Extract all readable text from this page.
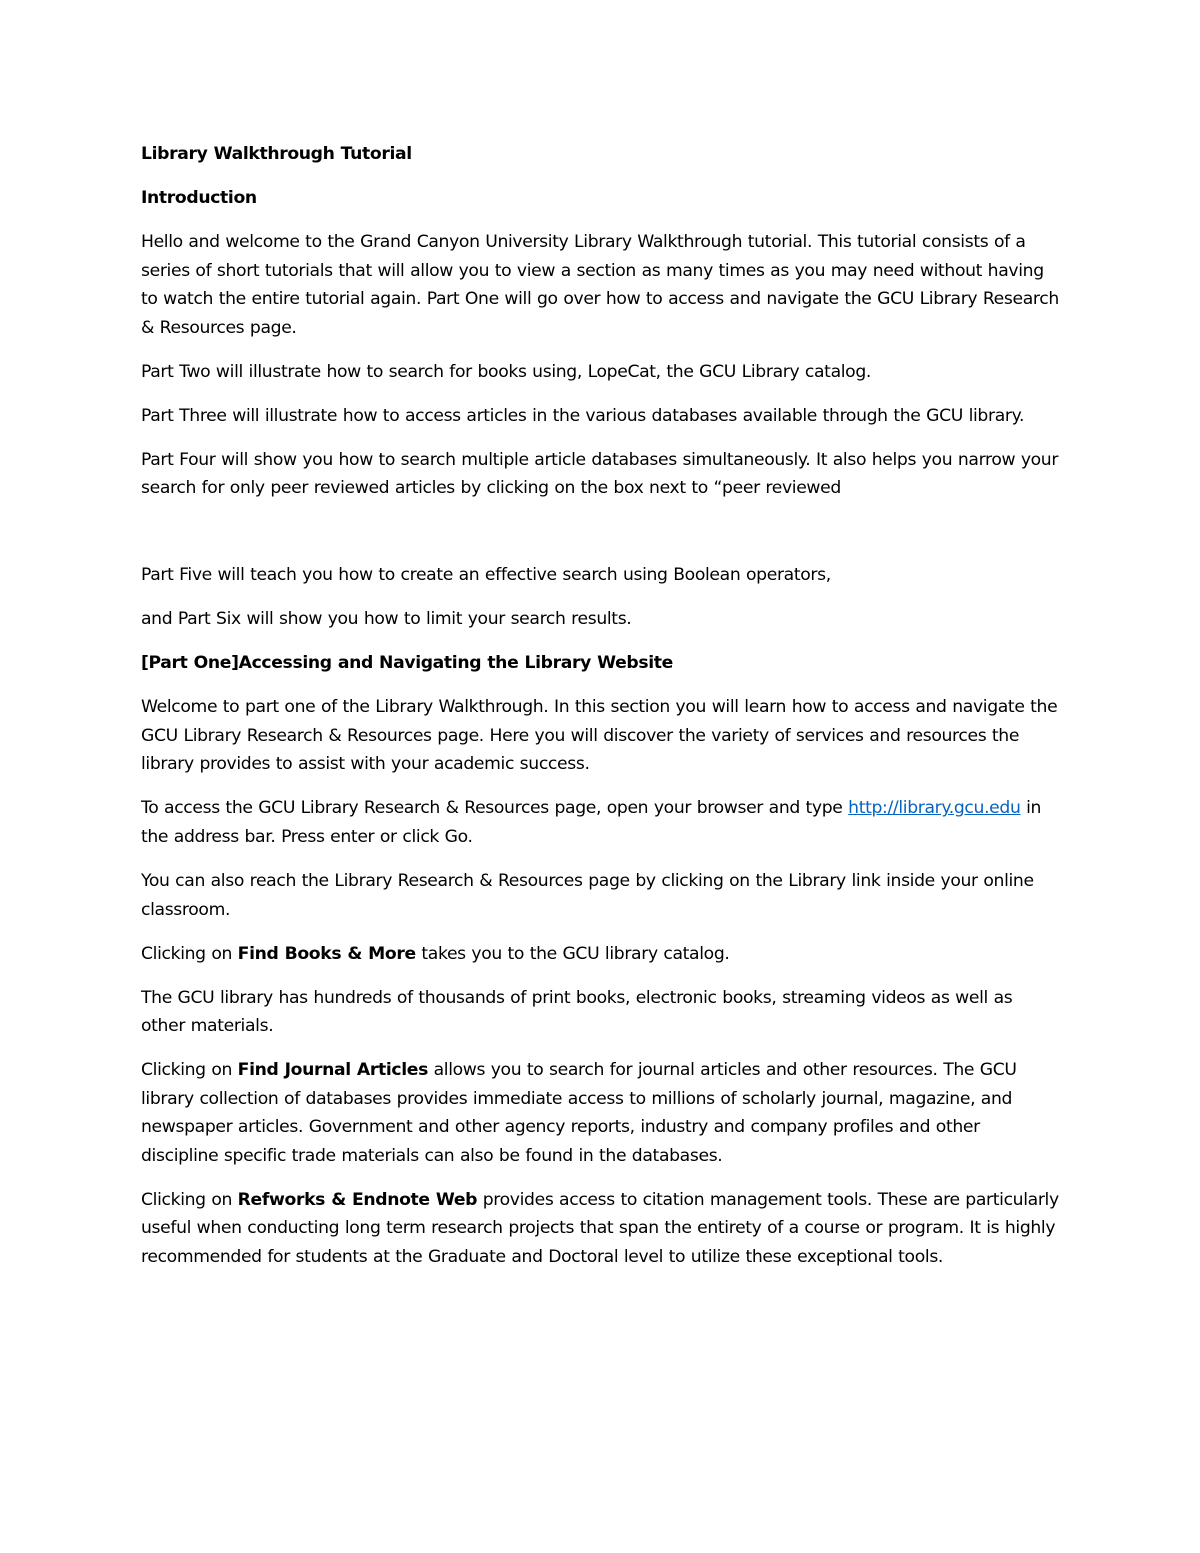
Library Walkthrough Tutorial

Introduction

Hello and welcome to the Grand Canyon University Library Walkthrough tutorial. This tutorial consists of a series of short tutorials that will allow you to view a section as many times as you may need without having to watch the entire tutorial again. Part One will go over how to access and navigate the GCU Library Research & Resources page.

Part Two will illustrate how to search for books using, LopeCat, the GCU Library catalog.

Part Three will illustrate how to access articles in the various databases available through the GCU library.

Part Four will show you how to search multiple article databases simultaneously. It also helps you narrow your search for only peer reviewed articles by clicking on the box next to “peer reviewed

Part Five will teach you how to create an effective search using Boolean operators,

and Part Six will show you how to limit your search results.

[Part One]Accessing and Navigating the Library Website

Welcome to part one of the Library Walkthrough. In this section you will learn how to access and navigate the GCU Library Research & Resources page. Here you will discover the variety of services and resources the library provides to assist with your academic success.

To access the GCU Library Research & Resources page, open your browser and type http://library.gcu.edu in the address bar. Press enter or click Go.

You can also reach the Library Research & Resources page by clicking on the Library link inside your online classroom.

Clicking on Find Books & More takes you to the GCU library catalog.

The GCU library has hundreds of thousands of print books, electronic books, streaming videos as well as other materials.

Clicking on Find Journal Articles allows you to search for journal articles and other resources. The GCU library collection of databases provides immediate access to millions of scholarly journal, magazine, and newspaper articles. Government and other agency reports, industry and company profiles and other discipline specific trade materials can also be found in the databases.

Clicking on Refworks & Endnote Web provides access to citation management tools. These are particularly useful when conducting long term research projects that span the entirety of a course or program. It is highly recommended for students at the Graduate and Doctoral level to utilize these exceptional tools.
